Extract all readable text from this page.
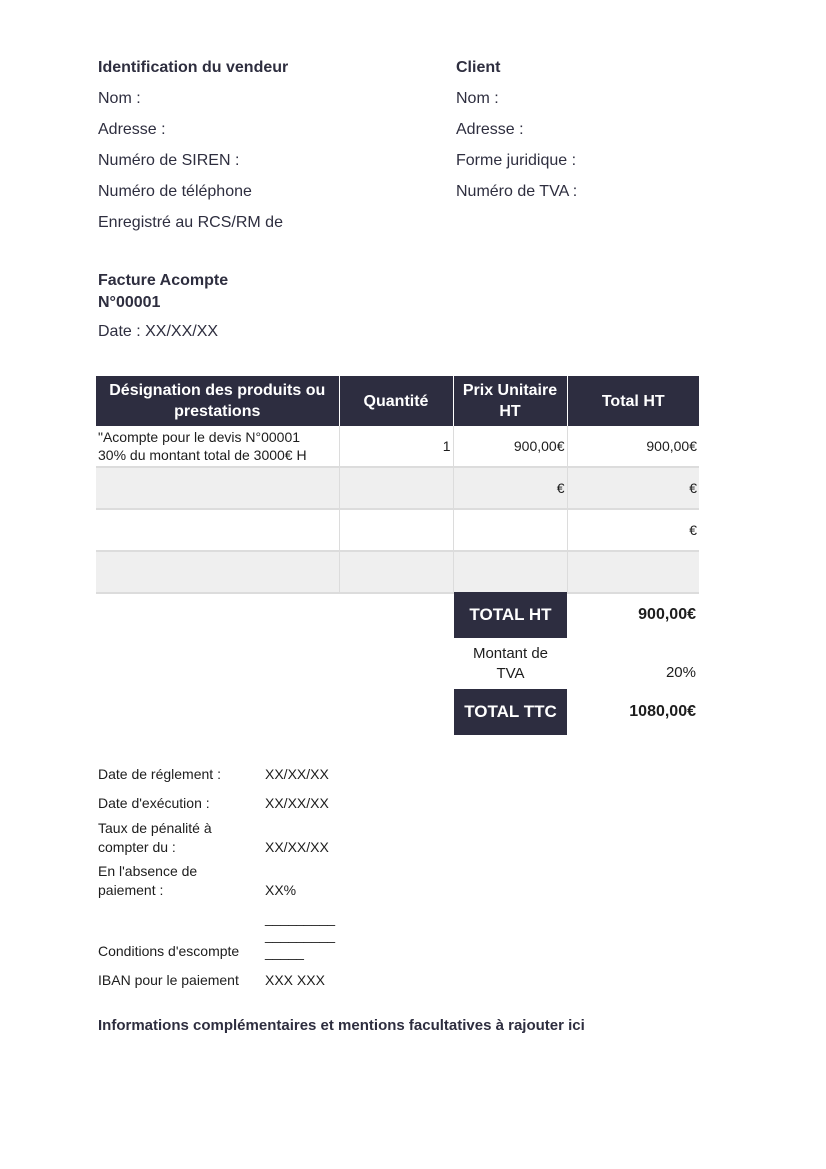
Identification du vendeur
Nom :
Adresse :
Numéro de SIREN :
Numéro de téléphone
Enregistré au RCS/RM de
Client
Nom :
Adresse :
Forme juridique :
Numéro de TVA :
Facture Acompte
N°00001
Date : XX/XX/XX
Désignation des produits ou prestations	Quantité	Prix Unitaire HT	Total HT

"Acompte pour le devis N°00001
30% du montant total de 3000€ H	1	900,00€	900,00€
		€	€
			€

TOTAL HT	900,00€
Montant de
TVA	20%
TOTAL TTC	1080,00€
Date de réglement :	XX/XX/XX
Date d'exécution :	XX/XX/XX
Taux de pénalité à
compter du :	XX/XX/XX
En l'absence de
paiement :	XX%
_________
_________
_____
Conditions d'escompte
IBAN pour le paiement XXX XXX
Informations complémentaires et mentions facultatives à rajouter ici
